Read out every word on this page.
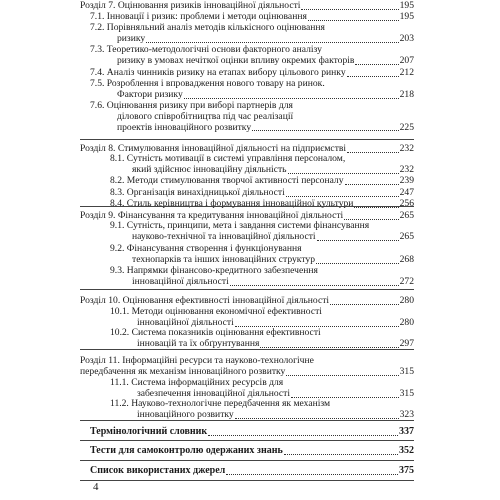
Розділ 7. Оцінювання ризиків інноваційної діяльності	195
7.1. Інновації і ризик: проблеми і методи оцінювання	195
7.2. Порівняльний аналіз методів кількісного оцінювання
ризику	203
7.3. Теоретико-методологічні основи факторного аналізу
ризику в умовах нечіткої оцінки впливу окремих факторів	207
7.4. Аналіз чинників ризику на етапах вибору цільового ринку	212
7.5. Розроблення і впровадження нового товару на ринок.
Фактори ризику	218
7.6. Оцінювання ризику при виборі партнерів для
ділового співробітництва під час реалізації
проектів інноваційного розвитку	225
Розділ 8. Стимулювання інноваційної діяльності на підприємстві	232
8.1. Сутність мотивації в системі управління персоналом,
який здійснює інноваційну діяльність	232
8.2. Методи стимулювання творчої активності персоналу	239
8.3. Організація винахідницької діяльності	247
8.4. Стиль керівництва і формування інноваційної культури	256
Розділ 9. Фінансування та кредитування інноваційної діяльності	265
9.1. Сутність, принципи, мета і завдання системи фінансування
науково-технічної та інноваційної діяльності	265
9.2. Фінансування створення і функціонування
технопарків та інших інноваційних структур	268
9.3. Напрямки фінансово-кредитного забезпечення
інноваційної діяльності	272
Розділ 10. Оцінювання ефективності інноваційної діяльності	280
10.1. Методи оцінювання економічної ефективності
інноваційної діяльності	280
10.2. Система показників оцінювання ефективності
інновацій та їх обґрунтування	297
Розділ 11. Інформаційні ресурси та науково-технологічне
передбачення як механізм інноваційного розвитку	315
11.1. Система інформаційних ресурсів для
забезпечення інноваційної діяльності	315
11.2. Науково-технологічне передбачення як механізм
інноваційного розвитку	323
Термінологічний словник	337
Тести для самоконтролю одержаних знань	352
Список використаних джерел	375
4
